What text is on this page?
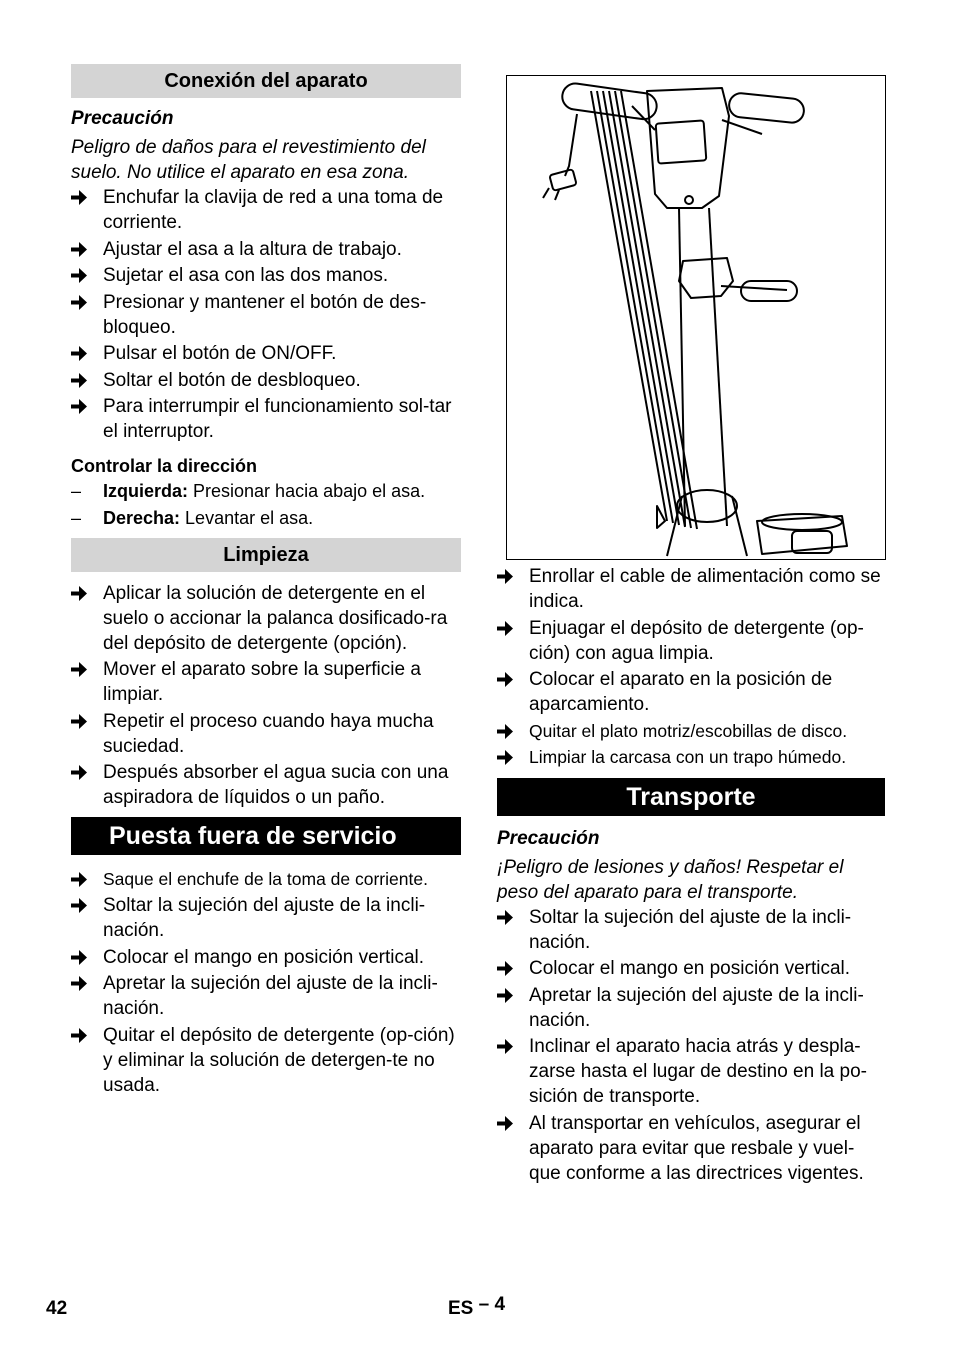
Conexión del aparato
Precaución
Peligro de daños para el revestimiento del suelo. No utilice el aparato en esa zona.
Enchufar la clavija de red a una toma de corriente.
Ajustar el asa a la altura de trabajo.
Sujetar el asa con las dos manos.
Presionar y mantener el botón de des-bloqueo.
Pulsar el botón de ON/OFF.
Soltar el botón de desbloqueo.
Para interrumpir el funcionamiento sol-tar el interruptor.
Controlar la dirección
– Izquierda: Presionar hacia abajo el asa.
– Derecha: Levantar el asa.
Limpieza
Aplicar la solución de detergente en el suelo o accionar la palanca dosificado-ra del depósito de detergente (opción).
Mover el aparato sobre la superficie a limpiar.
Repetir el proceso cuando haya mucha suciedad.
Después absorber el agua sucia con una aspiradora de líquidos o un paño.
Puesta fuera de servicio
Saque el enchufe de la toma de corriente.
Soltar la sujeción del ajuste de la incli-nación.
Colocar el mango en posición vertical.
Apretar la sujeción del ajuste de la incli-nación.
Quitar el depósito de detergente (op-ción) y eliminar la solución de detergen-te no usada.
Enrollar el cable de alimentación como se indica.
Enjuagar el depósito de detergente (op-ción) con agua limpia.
Colocar el aparato en la posición de aparcamiento.
Quitar el plato motriz/escobillas de disco.
Limpiar la carcasa con un trapo húmedo.
Transporte
Precaución
¡Peligro de lesiones y daños! Respetar el peso del aparato para el transporte.
Soltar la sujeción del ajuste de la incli-nación.
Colocar el mango en posición vertical.
Apretar la sujeción del ajuste de la incli-nación.
Inclinar el aparato hacia atrás y despla-zarse hasta el lugar de destino en la po-sición de transporte.
Al transportar en vehículos, asegurar el aparato para evitar que resbale y vuel-que conforme a las directrices vigentes.
42	ES – 4
